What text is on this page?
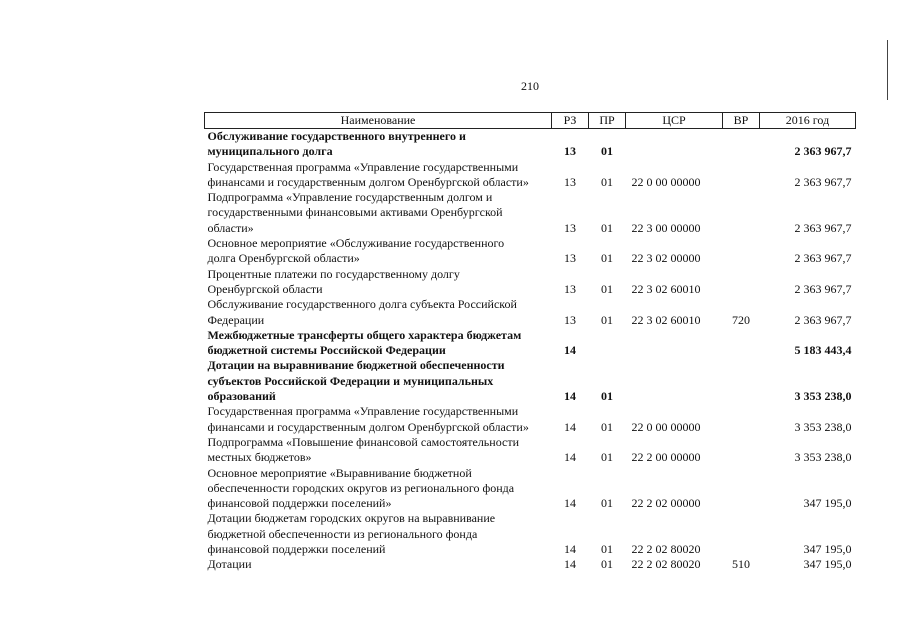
210
Наименование	РЗ	ПР	ЦСР	ВР	2016 год

Обслуживание государственного внутреннего и
муниципального долга	13	01			2 363 967,7

Государственная программа «Управление государственными
финансами и государственным долгом Оренбургской области»	13	01	22 0 00 00000		2 363 967,7

Подпрограмма «Управление государственным долгом и
государственными финансовыми активами Оренбургской
области»	13	01	22 3 00 00000		2 363 967,7

Основное мероприятие «Обслуживание государственного
долга Оренбургской области»	13	01	22 3 02 00000		2 363 967,7

Процентные платежи по государственному долгу
Оренбургской области	13	01	22 3 02 60010		2 363 967,7

Обслуживание государственного долга субъекта Российской
Федерации	13	01	22 3 02 60010	720	2 363 967,7

Межбюджетные трансферты общего характера бюджетам
бюджетной системы Российской Федерации	14				5 183 443,4

Дотации на выравнивание бюджетной обеспеченности
субъектов Российской Федерации и муниципальных
образований	14	01			3 353 238,0

Государственная программа «Управление государственными
финансами и государственным долгом Оренбургской области»	14	01	22 0 00 00000		3 353 238,0

Подпрограмма «Повышение финансовой самостоятельности
местных бюджетов»	14	01	22 2 00 00000		3 353 238,0

Основное мероприятие «Выравнивание бюджетной
обеспеченности городских округов из регионального фонда
финансовой поддержки поселений»	14	01	22 2 02 00000		347 195,0

Дотации бюджетам городских округов на выравнивание
бюджетной обеспеченности из регионального фонда
финансовой поддержки поселений	14	01	22 2 02 80020		347 195,0

Дотации	14	01	22 2 02 80020	510	347 195,0
